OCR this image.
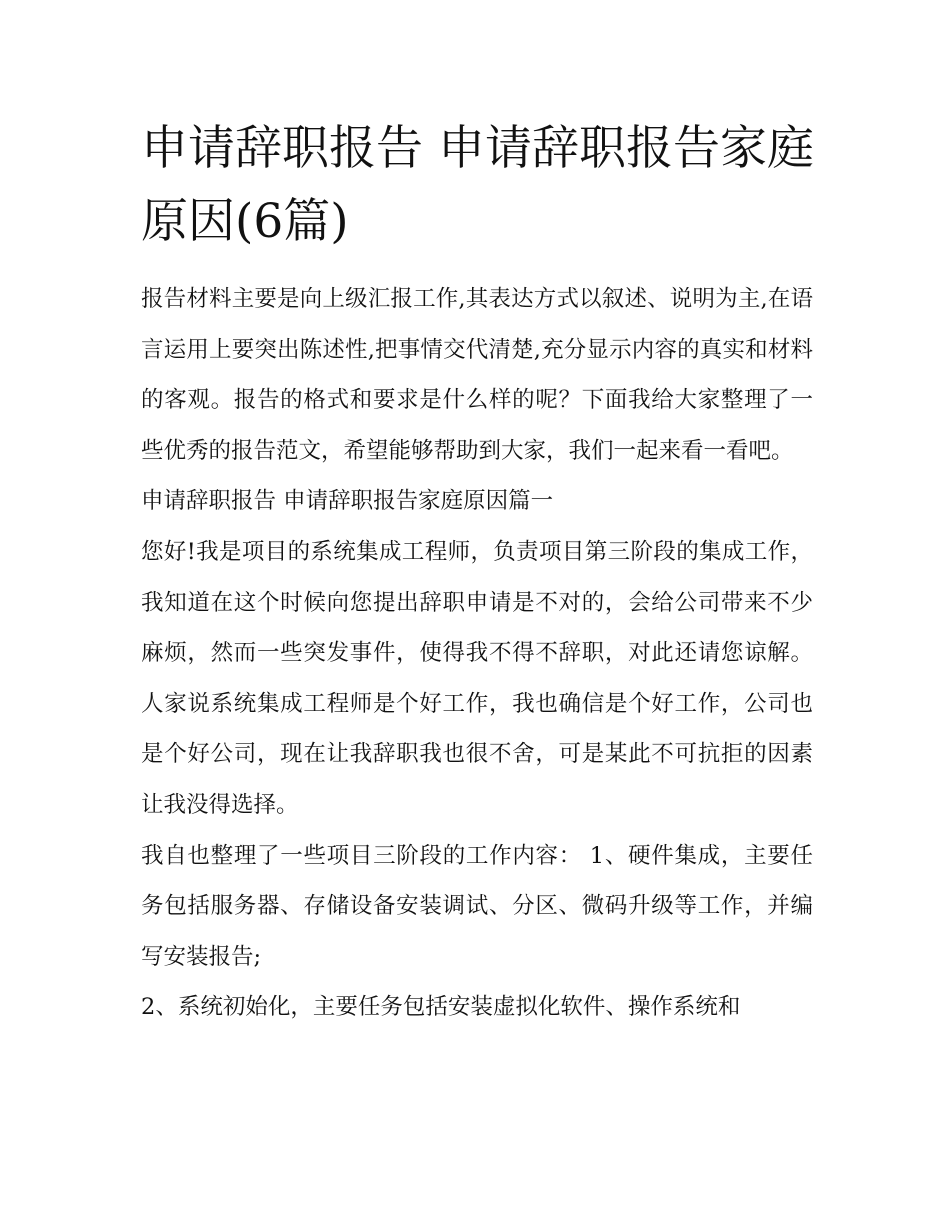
申请辞职报告 申请辞职报告家庭原因(6篇)

报告材料主要是向上级汇报工作,其表达方式以叙述、说明为主,在语言运用上要突出陈述性,把事情交代清楚,充分显示内容的真实和材料的客观。报告的格式和要求是什么样的呢？下面我给大家整理了一些优秀的报告范文，希望能够帮助到大家，我们一起来看一看吧。

申请辞职报告 申请辞职报告家庭原因篇一

您好!我是项目的系统集成工程师，负责项目第三阶段的集成工作，我知道在这个时候向您提出辞职申请是不对的，会给公司带来不少麻烦，然而一些突发事件，使得我不得不辞职，对此还请您谅解。人家说系统集成工程师是个好工作，我也确信是个好工作，公司也是个好公司，现在让我辞职我也很不舍，可是某此不可抗拒的因素让我没得选择。

我自也整理了一些项目三阶段的工作内容： 1、硬件集成，主要任务包括服务器、存储设备安装调试、分区、微码升级等工作，并编写安装报告;

2、系统初始化，主要任务包括安装虚拟化软件、操作系统和
